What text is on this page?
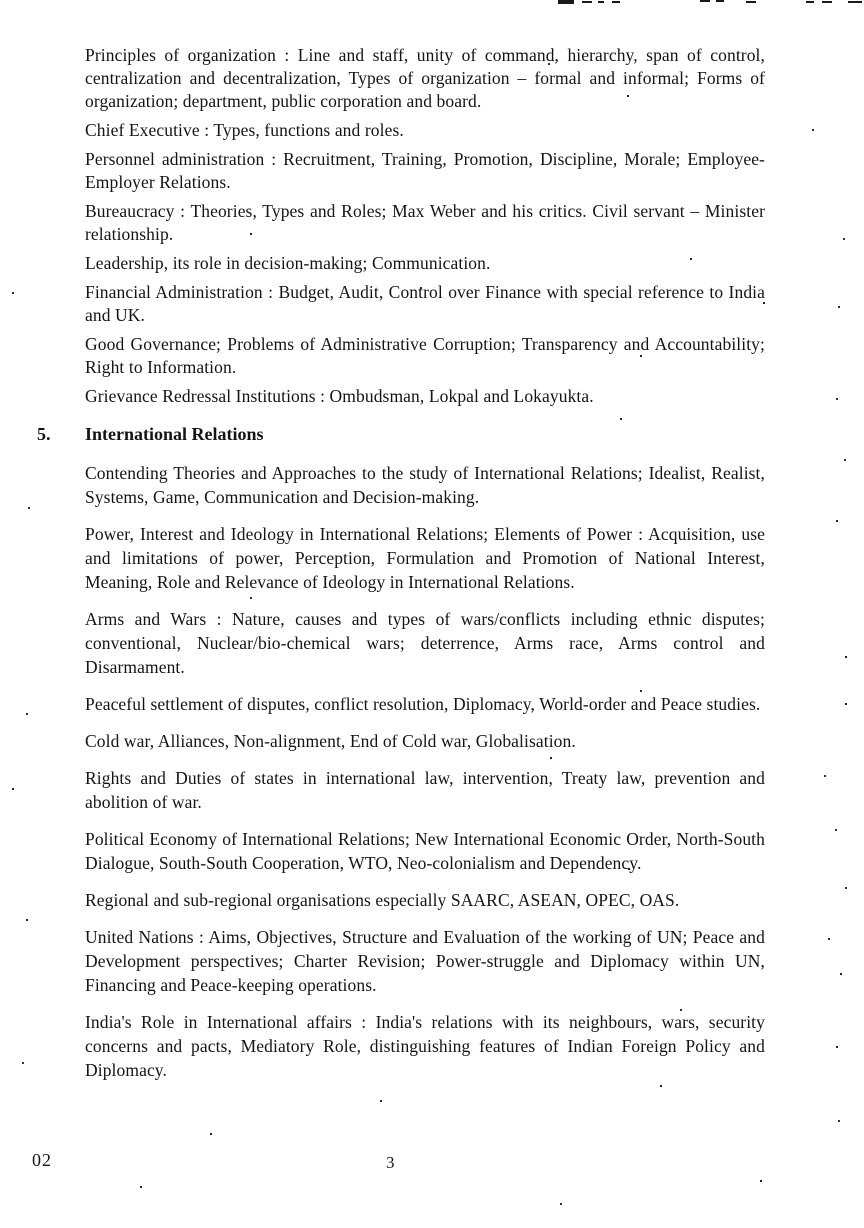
Principles of organization : Line and staff, unity of command, hierarchy, span of control, centralization and decentralization, Types of organization – formal and informal; Forms of organization; department, public corporation and board.

Chief Executive : Types, functions and roles.

Personnel administration : Recruitment, Training, Promotion, Discipline, Morale; Employee-Employer Relations.

Bureaucracy : Theories, Types and Roles; Max Weber and his critics. Civil servant – Minister relationship.

Leadership, its role in decision-making; Communication.

Financial Administration : Budget, Audit, Control over Finance with special reference to India and UK.

Good Governance; Problems of Administrative Corruption; Transparency and Accountability; Right to Information.

Grievance Redressal Institutions : Ombudsman, Lokpal and Lokayukta.

5. International Relations

Contending Theories and Approaches to the study of International Relations; Idealist, Realist, Systems, Game, Communication and Decision-making.

Power, Interest and Ideology in International Relations; Elements of Power : Acquisition, use and limitations of power, Perception, Formulation and Promotion of National Interest, Meaning, Role and Relevance of Ideology in International Relations.

Arms and Wars : Nature, causes and types of wars/conflicts including ethnic disputes; conventional, Nuclear/bio-chemical wars; deterrence, Arms race, Arms control and Disarmament.

Peaceful settlement of disputes, conflict resolution, Diplomacy, World-order and Peace studies.

Cold war, Alliances, Non-alignment, End of Cold war, Globalisation.

Rights and Duties of states in international law, intervention, Treaty law, prevention and abolition of war.

Political Economy of International Relations; New International Economic Order, North-South Dialogue, South-South Cooperation, WTO, Neo-colonialism and Dependency.

Regional and sub-regional organisations especially SAARC, ASEAN, OPEC, OAS.

United Nations : Aims, Objectives, Structure and Evaluation of the working of UN; Peace and Development perspectives; Charter Revision; Power-struggle and Diplomacy within UN, Financing and Peace-keeping operations.

India's Role in International affairs : India's relations with its neighbours, wars, security concerns and pacts, Mediatory Role, distinguishing features of Indian Foreign Policy and Diplomacy.

02	3
